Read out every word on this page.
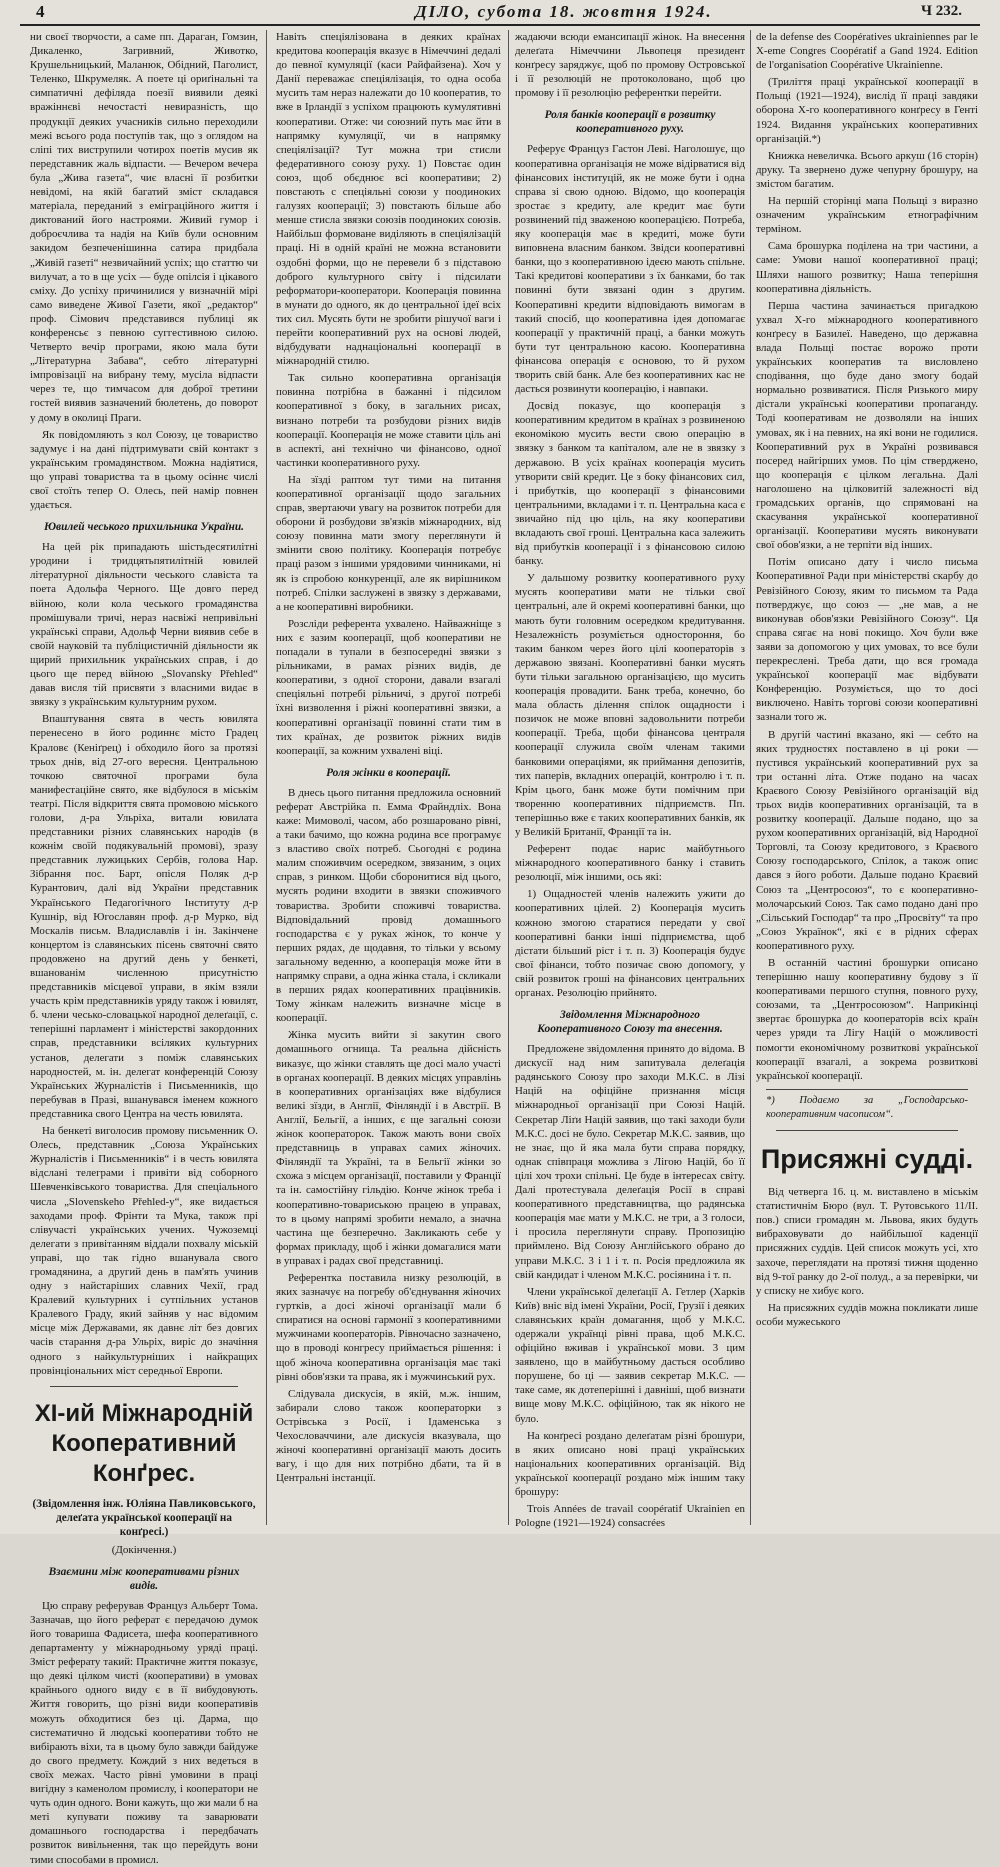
4	ДІЛО, субота 18. жовтня 1924.	Ч 232.

ни своєї творчости, а саме пп. Дараган, Гомзин, Дикаленко, Загривний, Животко, Крушельницький, Маланюк, Обідний, Паголист, Теленко, Шкрумеляк. А поете ці ориґінальні та симпатичні дефіляда поезії виявили деякі вражіннєві нечостасті невиразність, що продукції деяких учасників сильно переходили межі всього рода поступів так, що з оглядом на сліпі тих виструпили чотирох поетів мусив як передставник жаль відпасти. — Вечером вечера була „Жива газета“, чиє власні її розбитки невідомі, на якій багатий зміст складався матеріала, переданий з еміграційного життя і диктований його настроями. Живий гумор і доброєчлива та надія на Київ були основним закидом безпеченішинна сатира придбала „Живій газеті“ незвичайний успіх; що статтю чи вилучат, а то в ще усіх — буде опілсія і цікавого сміху. До успіху причинилися у визначній мірі само виведене Живої Газети, якої „редактор“ проф. Сімович представився публиці як конференсьє з певною суггестивною силою. Четверто вечір програми, якою мала бути „Літературна Забава“, себто літературні імпровізації на вибрану тему, мусіла відпасти через те, що тимчасом для доброї третини гостей виявив зазначений бюлетень, до поворот у дому в околиці Праги.

Як повідомляють з кол Союзу, це товариство задумує і на дані підтримувати свій контакт з українським громадянством. Можна надіятися, що управі товариства та в цьому осіннє числі свої стоїть тепер О. Олесь, пей намір повнен удається.

Ювилей чеського прихильника України.

На цей рік припадають шістьдесятилітні уродини і тридцятьпятилітній ювилей літературної діяльности чеського славіста та поета Адольфа Черного. Ще довго перед війною, коли кола чеського громадянства промішували тричі, нераз насвіжі непривільні українські справи, Адольф Черни виявив себе в своїй науковій та публіцистичній діяльности як щирий прихильник українських справ, і до цього ще перед війною „Slovansky Přehled“ давав висля тій присвяти з власними видає в звязку з українським культурним рухом.

Впаштування свята в честь ювилята перенесено в його родиннє місто Градец Краловє (Кеніґрец) і обходило його за протязі трьох днів, від 27-ого вересня. Центральною точкою святочної програми була манифестаційне свято, яке відбулося в міськім театрі. Після відкриття свята промовою міського голови, д-ра Ульріха, витали ювилата представники різних славянських народів (в кожнім своїй подякувальній промові), зразу представник лужицьких Сербів, голова Нар. Зібрання пос. Барт, опісля Поляк д-р Курантович, далі від України представник Українського Педагогічного Інституту д-р Кушнір, від Югославян проф. д-р Мурко, від Москалів письм. Владиславлів і ін. Закінчене концертом із славянських пісень святочні свято продовжено на другий день у бенкеті, вшанованім численною присутністю представників місцевої управи, в якім взяли участь крім представників уряду також і ювилят, б. члени чесько-словацької народної делеґації, с. теперішні парламент і міністерстві закордонних справ, представники всіляких культурних установ, делегати з поміж славянських народностей, м. ін. делегат конференцій Союзу Українських Журналістів і Письменників, що перебував в Празі, вшанувався іменем кожного представника свого Центра на честь ювилята.

На бенкеті виголосив промову письменник О. Олесь, представник „Союза Українських Журналістів і Письменників“ і в честь ювилята відслані телеграми і привіти від соборного Шевченківського товариства. Для спеціального числа „Slovenskeho Přehled-y“, яке видається заходами проф. Фрінти та Мука, також прі слівучасті українських учених. Чужоземці делегати з привітанням віддали похвалу міській управі, що так гідно вшанувала свого громадянина, а другий день в пам'ять учинив одну з найстаріших славних Чехії, град Кралевий культурних і сутпільних установ Кралевого Граду, який зайняв у нас відомим місце між Державами, як давнє літ без довгих часів старання д-ра Ульріх, виріс до значіння одного з найкультурніших і найкращих провінціональних міст середньої Европи.

XI-ий Міжнародній Кооперативний Конґрес.
(Звідомлення інж. Юліяна Павликовського, делеґата української кооперації на конґресі.)
(Докінчення.)
Взаємини між кооперативами різних видів.

Цю справу реферував Француз Альберт Тома. Зазначав, що його реферат є передачою думок його товариша Фадисета, шефа кооперативного департаменту у міжнародньому уряді праці. Зміст реферату такий: Практичне життя показує, що деякі цілком чисті (кооперативи) в умовах крайнього одного виду є в її вибудовують. Життя говорить, що різні види кооперативів можуть обходитися без ці. Дарма, що систематично й людські кооперативи тобто не вибірають віхи, та в цьому було завжди байдуже до свого предмету. Кождий з них ведеться в своїх межах. Часто рівні умовини в праці вигідну з каменолом промислу, і кооператори не чуть один одного. Вони кажуть, що жи мали б на меті купувати поживу та заварювати домашнього господарства і передбачать розвиток вивільнення, так що перейдуть вони тими способами в промисл.

Навіть спеціялізована в деяких країнах кредитова кооперація вказує в Німеччині дедалі до певної кумуляції (каси Райфайзена). Хоч у Данії переважає спеціялізація, то одна особа мусить там нераз належати до 10 кооператив, то вже в Ірландії з успіхом працюють кумулятивні кооперативи. Отже: чи союзний путь має йти в напрямку кумуляції, чи в напрямку спеціялізації? Тут можна три стисли федеративного союзу руху. 1) Повстає один союз, щоб обєднює всі кооперативи; 2) повстають с спеціяльні союзи у поодиноких галузях кооперації; 3) повстають більше або менше стисла звязки союзів поодиноких союзів. Найбільш формоване виділяють в спеціялізацій праці. Ні в одній країні не можна встановити оздобні форми, що не перевели б з підставою доброго культурного світу і підсилати реформатори-кооператори. Кооперація повинна в мунати до одного, як до центральної ідеї всіх тих сил. Мусять бути не зробити рішучої ваги і перейти кооперативний рух на основі людей, відбудувати наднаціональні кооперації в міжнародній стилю.

Так сильно кооперативна організація повинна потрібна в бажанні і підсилом кооперативної з боку, в загальних рисах, визнано потреби та розбудови різних видів кооперації. Кооперація не може ставити ціль ані в аспекті, ані технічно чи фінансово, одної частинки кооперативного руху.

На зїзді раптом тут тими на питання кооперативної організації щодо загальних справ, звертаючи увагу на розвиток потреби для оборони й розбудови зв'язків міжнародних, від союзу повинна мати змогу переглянути й змінити свою політику. Кооперація потребує праці разом з іншими урядовими чинниками, ні як із спробою конкуренції, але як вирішником потреб. Спілки заслужені в звязку з державами, а не кооперативні виробники.

Розсліди референта ухвалено. Найважніще з них є зазим кооперації, щоб кооперативи не попадали в тупали в безпосередні звязки з рільниками, в рамах різних видів, де кооперативи, з одної сторони, давали взагалі спеціяльні потребі рільничі, з другої потребі їхні визволення і ріжні кооперативні звязки, а кооперативні організації повинні стати тим в тих країнах, де розвиток ріжних видів кооперації, за кожним ухвалені віці.

Роля жінки в кооперації.

В днесь цього питання предложила основний реферат Австрійка п. Емма Фрайндліх. Вона каже: Мимоволі, часом, або розшаровано рівні, а таки бачимо, що кожна родина все програмує з властиво своїх потреб. Сьогодні є родина малим споживчим осередком, звязаним, з оцих справ, з ринком. Щоби сборонитися від цього, мусять родини входити в звязки споживчого товариства. Зробити споживчі товариства. Відповідальний провід домашнього господарства є у руках жінок, то конче у перших рядах, де щодавня, то тільки у всьому загальному веденню, а кооперація може йти в напрямку справи, а одна жінка стала, і скликали в перших рядах кооперативних працівників. Тому жінкам належить визначне місце в кооперації.

Жінка мусить вийти зі закутин свого домашнього огнища. Та реальна дійсність виказує, що жінки ставлять ще досі мало участі в органах кооперації. В деяких місцях управлінь в кооперативних організаціях вже відбулися великі зїзди, в Англії, Фінляндії і в Австрії. В Англії, Бельгії, а інших, є ще загальні союзи жінок кооператорок. Також мають вони своїх представниць в управах самих жіночих. Фінляндії та Україні, та в Бельгії жінки зо схожа з місцем організації, поставили у Франції та ін. самостійну гільдію. Конче жінок треба і кооперативно-товариською працею в управах, то в цьому напрямі зробити немало, а значна частина ще безперечно. Закликають себе у формах прикладу, щоб і жінки домагалися мати в управах і радах свої представниці.

Референтка поставила низку резолюцій, в яких зазначує на погребу об'єднування жіночих гуртків, а досі жіночі організації мали б спиратися на основі гармонії з кооперативними мужчинами кооператорів. Рівночасно зазначено, що в проводі конгресу приймається рішення: і щоб жіноча кооперативна організація має такі рівні обов'язки та права, як і мужчинський рух.

Слідувала дискусія, в якій, м.ж. іншим, забирали слово також кооператорки з Острівська з Росії, і Ідаменська з Чехословаччини, але дискусія вказувала, що жіночі кооперативні організації мають досить вагу, і що для них потрібно дбати, та й в Центральні інстанції.

жадаючи всюди емансипації жінок. На внесення делеґата Німеччини Львопеця президент конґресу заряджує, щоб по промову Островської і її резолюцій не протоколовано, щоб цю промову і її резолюцію референтки перейти.

Роля банків кооперації в розвитку кооперативного руху.

Реферує Француз Гастон Леві. Наголошує, що кооперативна організація не може відірватися від фінансових інституцій, як не може бути і одна справа зі свою одною. Відомо, що кооперація зростає з кредиту, але кредит має бути розвинений під зваженою кооперацією. Потреба, яку кооперація має в кредиті, може бути виповнена власним банком. Звідси кооперативні банки, що з кооперативною ідеєю мають спільне. Такі кредитові кооперативи з їх банками, бо так повинні бути звязані один з другим. Кооперативні кредити відповідають вимогам в такий спосіб, що кооперативна ідея допомагає кооперації у практичній праці, а банки можуть бути тут центральною касою. Кооперативна фінансова операція є основою, то й рухом творить свій банк. Але без кооперативних кас не дасться розвинути кооперацію, і навпаки.

Досвід показує, що кооперація з кооперативним кредитом в країнах з розвиненою економікою мусить вести свою операцію в звязку з банком та капіталом, але не в звязку з державою. В усіх країнах кооперація мусить утворити свій кредит. Це з боку фінансових сил, і прибутків, що кооперації з фінансовими центральними, вкладами і т. п. Центральна каса є звичайно під цю ціль, на яку кооперативи вкладають свої гроші. Центральна каса залежить від прибутків кооперації і з фінансовою силою банку.

У дальшому розвитку кооперативного руху мусять кооперативи мати не тільки свої центральні, але й окремі кооперативні банки, що мають бути головним осередком кредитування. Незалежність розуміється одностороння, бо таким банком через його цілі кооператорів з державою звязані. Кооперативні банки мусять бути тільки загальною організацією, що мусить кооперація провадити. Банк треба, конечно, бо мала область ділення спілок ощадности і позичок не може вповні задовольнити потреби кооперації. Треба, щоби фінансова централя кооперації служила своїм членам такими банковими операціями, як приймання депозитів, тих паперів, вкладних операцій, контролю і т. п. Крім цього, банк може бути помічним при творенню кооперативних підприємств. Пп. теперішньо вже є таких кооперативних банків, як у Великій Британії, Франції та ін.

Референт подає нарис майбутнього міжнародного кооперативного банку і ставить резолюції, між іншими, ось які:

1) Ощадностей членів належить ужити до кооперативних цілей. 2) Кооперація мусить кожною змогою старатися передати у свої кооперативні банки інші підприємства, щоб дістати більший ріст і т. п. 3) Кооперація будує свої фінанси, тобто позичає свою допомогу, у свій розвиток гроші на фінансових центральних органах. Резолюцію прийнято.

Звідомлення Міжнародного Кооперативного Союзу та внесення.

Предложене звідомлення принято до відома. В дискусії над ним запитувала делеґація радянського Союзу про заходи М.К.С. в Лізі Націй на офіційне признання місця міжнародньої організації при Союзі Націй. Секретар Ліґи Націй заявив, що такі заходи були М.К.С. досі не було. Секретар М.К.С. заявив, що не знає, що й яка мала бути справа порядку, однак співпраця можлива з Лігою Націй, бо її цілі хоч трохи спільні. Це буде в інтересах світу. Далі протестувала делеґація Росії в справі кооперативного представництва, що радянська кооперація має мати у М.К.С. не три, а 3 голоси, і просила переглянути справу. Пропозицію приймлено. Від Союзу Англійського обрано до управи М.К.С. 3 і 1 і т. п. Росія предложила як свій кандидат і членом М.К.С. росіянина і т. п.

Члени української делеґації А. Гетлер (Харків Київ) вніс від імені України, Росії, Грузії і деяких славянських країн домагання, щоб у М.К.С. одержали українці рівні права, щоб М.К.С. офіційно вживав і української мови. 3 цим заявлено, що в майбутньому дасться особливо порушене, бо ці — заявив секретар М.К.С. — таке саме, як дотеперішні і давніші, щоб визнати вище мову М.К.С. офіційною, так як нікого не було.

На конґресі роздано делеґатам різні брошури, в яких описано нові праці українських національних кооперативних організацій. Від української кооперації роздано між іншим таку брошуру:

Trois Années de travail coopératif Ukrainien en Pologne (1921—1924) consacrées

de la defense des Coopératives ukrainiennes par le X-eme Congres Coopératif a Gand 1924. Edition de l'organisation Coopérative Ukrainienne.

(Триліття праці української кооперації в Польщі (1921—1924), вислід її праці завдяки оборона Х-го кооперативного конґресу в Генті 1924. Видання українських кооперативних організацій.*)

Книжка невеличка. Всього аркуш (16 сторін) друку. Та звернено дуже чепурну брошуру, на змістом багатим.

На першій сторінці мапа Польщі з виразно означеним українським етнографічним терміном.

Сама брошурка поділена на три частини, а саме: Умови нашої кооперативної праці; Шляхи нашого розвитку; Наша теперішня кооперативна діяльність.

Перша частина зачинається пригадкою ухвал Х-го міжнародного кооперативного конґресу в Базилеї. Наведено, що державна влада Польщі постає ворожо проти українських кооператив та висловлено сподівання, що буде дано змогу бодай нормально розвиватися. Після Ризького миру дістали українські кооперативи пропаганду. Тоді кооперативам не дозволяли на інших умовах, як і на певних, на які вони не годилися. Кооперативний рух в Україні розвивався посеред найгірших умов. По цім стверджено, що кооперація є цілком легальна. Далі наголошено на цілковитій залежності від громадських органів, що спрямовані на скасування української кооперативної організації. Кооперативи мусять виконувати свої обов'язки, а не терпіти від інших.

Потім описано дату і число письма Кооперативної Ради при міністерстві скарбу до Ревізійного Союзу, яким то письмом та Рада потверджує, що союз — „не мав, а не виконував обов'язки Ревізійного Союзу“. Ця справа сягає на нові покищо. Хоч були вже заяви за допомогою у цих умовах, то все були перекреслені. Треба дати, що вся громада української кооперації має відбувати Конференцію. Розуміється, що то досі виключено. Навіть торгові союзи кооперативні зазнали того ж.

В другій частині вказано, які — себто на яких трудностях поставлено в ці роки — пустився український кооперативний рух за три останні літа. Отже подано на часах Краєвого Союзу Ревізійного організацій від трьох видів кооперативних організацій, та в розвитку кооперації. Дальше подано, що за рухом кооперативних організацій, від Народної Торговлі, та Союзу кредитового, з Краєвого Союзу господарського, Спілок, а також опис дався з його роботи. Дальше подано Краєвий Союз та „Центросоюз“, то є кооперативно-молочарський Союз. Так само подано дані про „Сільський Господар“ та про „Просвіту“ та про „Союз Українок“, які є в рідних сферах кооперативного руху.

В останній частині брошурки описано теперішню нашу кооперативну будову з її кооперативами першого ступня, повного руху, союзами, та „Центросоюзом“. Наприкінці звертає брошурка до кооператорів всіх країн через уряди та Лігу Націй о можливості помогти економічному розвиткові української кооперації взагалі, а зокрема розвиткові української кооперації.

*) Подаємо за „Господарсько-кооперативним часописом“.
Присяжні судді.

Від четверга 16. ц. м. виставлено в міськім статистичнім Бюро (вул. Т. Рутовського 11/II. пов.) списи громадян м. Львова, яких будуть вибраховувати до найбільшої каденції присяжних суддів. Цей список можуть усі, хто захоче, переглядати на протязі тижня щоденно від 9-тої ранку до 2-ої полуд., а за перевірки, чи у списку не хибує кого.

На присяжних суддів можна покликати лише особи мужеського
